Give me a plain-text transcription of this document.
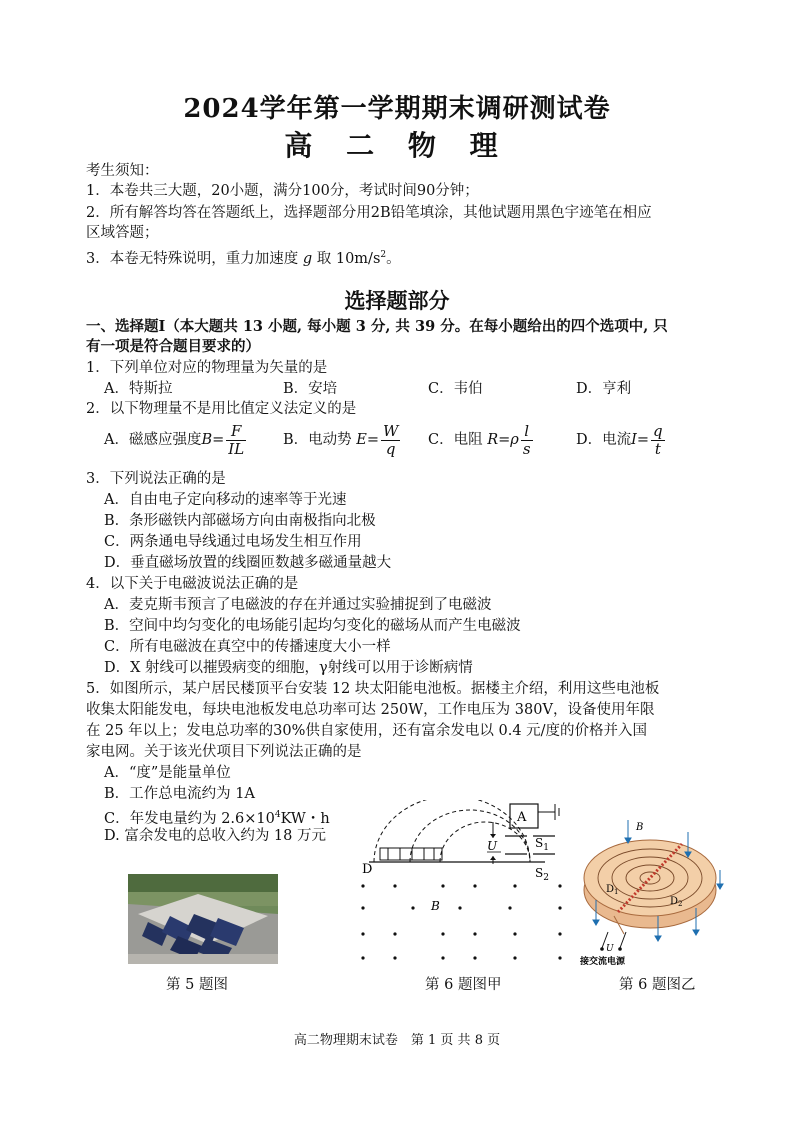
2024学年第一学期期末调研测试卷
高 二 物 理
考生须知：
1．本卷共三大题，20小题，满分100分，考试时间90分钟；
2．所有解答均答在答题纸上，选择题部分用2B铅笔填涂，其他试题用黑色宇迹笔在相应
区域答题；
3．本卷无特殊说明，重力加速度 g 取 $10m/s^2$。
选择题部分
一、选择题Ⅰ（本大题共 13 小题, 每小题 3 分, 共 39 分。在每小题给出的四个选项中, 只
有一项是符合题目要求的）
1．下列单位对应的物理量为矢量的是
A．特斯拉	B．安培	C．韦伯	D．亨利
2．以下物理量不是用比值定义法定义的是
A．磁感应强度$B= \frac{F}{IL}$	B．电动势 $E= \frac{W}{q}$ C．电阻 $R=\rho \frac{l}{s}$	D．电流$I= \frac{q}{t}$
3．下列说法正确的是
A．自由电子定向移动的速率等于光速
B．条形磁铁内部磁场方向由南极指向北极
C．两条通电导线通过电场发生相互作用
D．垂直磁场放置的线圈匝数越多磁通量越大
4．以下关于电磁波说法正确的是
A．麦克斯韦预言了电磁波的存在并通过实验捕捉到了电磁波
B．空间中均匀变化的电场能引起均匀变化的磁场从而产生电磁波
C．所有电磁波在真空中的传播速度大小一样
D．X 射线可以摧毁病变的细胞，γ射线可以用于诊断病情
5．如图所示，某户居民楼顶平台安装 12 块太阳能电池板。据楼主介绍，利用这些电池板
收集太阳能发电，每块电池板发电总功率可达 250W，工作电压为 380V，设备使用年限
在 25 年以上；发电总功率的30%供自家使用，还有富余发电以 0.4 元/度的价格并入国
家电网。关于该光伏项目下列说法正确的是
A．“度”是能量单位
B．工作总电流约为 1A
C．年发电量约为 $2.6\times 10^4KW$・h
D. 富余发电的总收入约为 18 万元
第 5 题图
A
$S_1$
U
D	$S_2$
B
第 6 题图甲
$D_1$
$D_2$
B
U
接交流电源
第 6 题图乙
高二物理期末试卷　第 1 页 共 8 页
